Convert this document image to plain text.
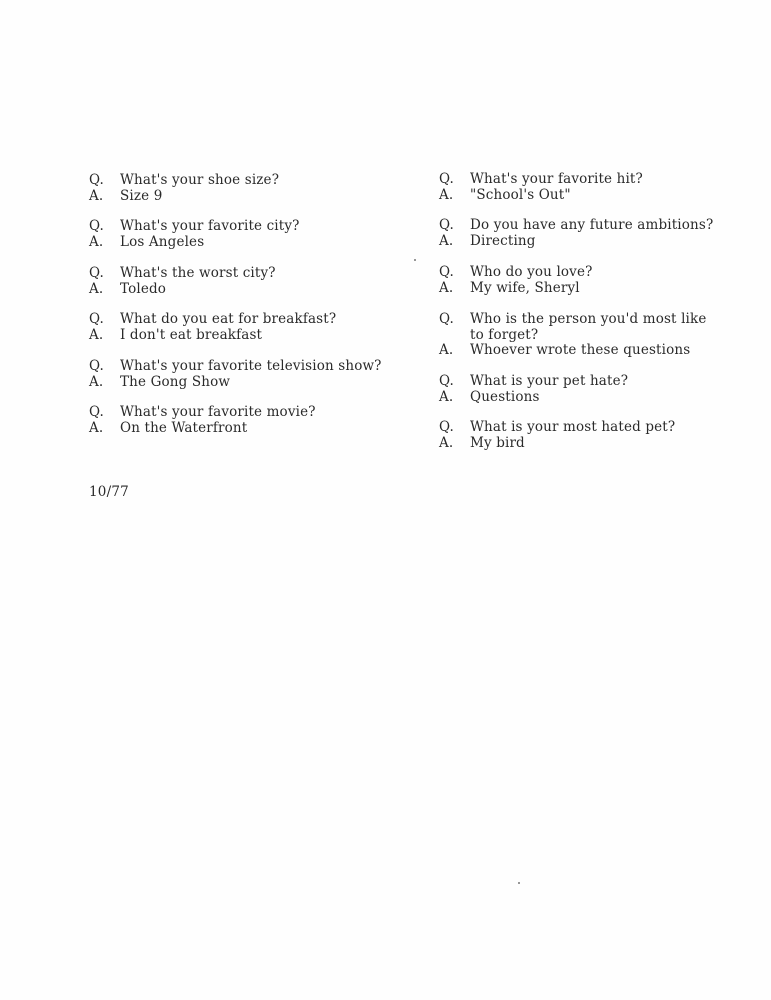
Q.	What's your shoe size?
A.	Size 9
Q.	What's your favorite city?
A.	Los Angeles
Q.	What's the worst city?
A.	Toledo
Q.	What do you eat for breakfast?
A.	I don't eat breakfast
Q.	What's your favorite television show?
A.	The Gong Show
Q.	What's your favorite movie?
A.	On the Waterfront
Q.	What's your favorite hit?
A.	"School's Out"
Q.	Do you have any future ambitions?
A.	Directing
Q.	Who do you love?
A.	My wife, Sheryl
Q.	Who is the person you'd most like to forget?
A.	Whoever wrote these questions
Q.	What is your pet hate?
A.	Questions
Q.	What is your most hated pet?
A.	My bird
10/77
